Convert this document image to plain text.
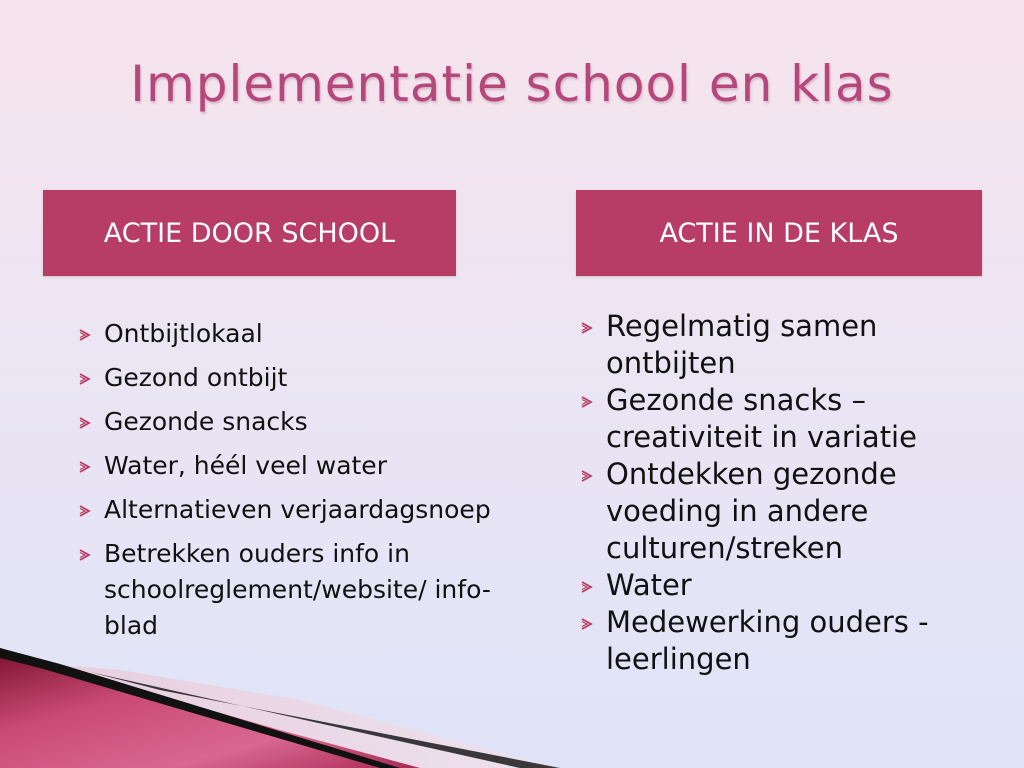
Implementatie school en klas
ACTIE DOOR SCHOOL	ACTIE IN DE KLAS
Ontbijtlokaal
Gezond ontbijt
Gezonde snacks
Water, héél veel water
Alternatieven verjaardagsnoep
Betrekken ouders info in schoolreglement/website/ info-blad
Regelmatig samen ontbijten
Gezonde snacks – creativiteit in variatie
Ontdekken gezonde voeding in andere culturen/streken
Water
Medewerking ouders - leerlingen
